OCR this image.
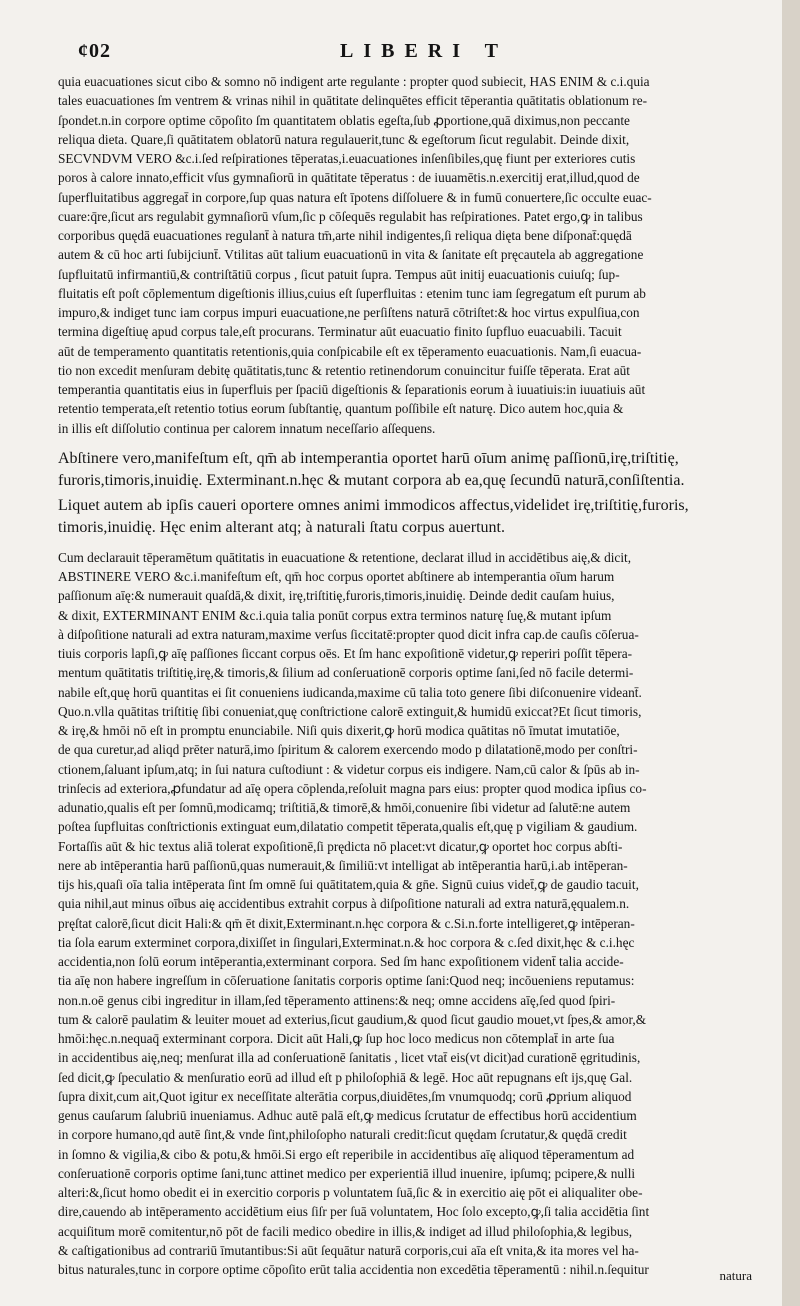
¢02	LIBERI T

quia euacuationes sicut cibo & somno nō indigent arte regulante : propter quod subiecit, HAS ENIM & c.i.quia

tales euacuationes ſm ventrem & vrinas nihil in quātitate delinquētes efficit tēperantia quātitatis oblationum re-

ſpondet.n.in corpore optime cōpoſito ſm quantitatem oblatis egeſta,ſub ꝓportione,quā diximus,non peccante

reliqua dieta. Quare,ſi quātitatem oblatorū natura regulauerit,tunc & egeſtorum ſicut regulabit. Deinde dixit,

SECVNDVM VERO &c.i.ſed reſpirationes tēperatas,i.euacuationes inſenſibiles,quę fiunt per exteriores cutis

poros à calore innato,efficit vſus gymnaſiorū in quātitate tēperatus : de iuuamētis.n.exercitij erat,illud,quod de

ſuperfluitatibus aggregat̄ in corpore,ſup quas natura eſt īpotens diſſoluere & in fumū conuertere,ſic occulte euac-

cuare:q̄re,ſicut ars regulabit gymnaſiorū vſum,ſic p cōſequēs regulabit has reſpirationes. Patet ergo,ꝙ in talibus

corporibus quędā euacuationes regulant̄ à natura tm̄,arte nihil indigentes,ſi reliqua dięta bene diſponat̄:quędā

autem & cū hoc arti ſubijciunt̄. Vtilitas aūt talium euacuationū in vita & ſanitate eſt pręcautela ab aggregatione

ſupfluitatū infirmantiū,& contriſtātiū corpus , ſicut patuit ſupra. Tempus aūt initij euacuationis cuiuſq; ſup-

fluitatis eſt poſt cōplementum digeſtionis illius,cuius eſt ſuperfluitas : etenim tunc iam ſegregatum eſt purum ab

impuro,& indiget tunc iam corpus impuri euacuatione,ne perſiſtens naturā cōtriſtet:& hoc virtus expulſiua,con

termina digeſtiuę apud corpus tale,eſt procurans. Terminatur aūt euacuatio finito ſupfluo euacuabili. Tacuit

aūt de temperamento quantitatis retentionis,quia conſpicabile eſt ex tēperamento euacuationis. Nam,ſi euacua-

tio non excedit menſuram debitę quātitatis,tunc & retentio retinendorum conuincitur fuiſſe tēperata. Erat aūt

temperantia quantitatis eius in ſuperfluis per ſpaciū digeſtionis & ſeparationis eorum à iuuatiuis:in iuuatiuis aūt

retentio temperata,eſt retentio totius eorum ſubſtantię, quantum poſſibile eſt naturę. Dico autem hoc,quia &

in illis eſt diſſolutio continua per calorem innatum neceſſario aſſequens.

Abſtinere vero,manifeſtum eſt, qm̄ ab intemperantia oportet harū oīum animę paſſionū,irę,triſtitię,

furoris,timoris,inuidię. Exterminant.n.hęc & mutant corpora ab ea,quę ſecundū naturā,conſiſtentia.

Liquet autem ab ipſis caueri oportere omnes animi immodicos affectus,videlidet irę,triſtitię,furoris,

timoris,inuidię. Hęc enim alterant atq; à naturali ſtatu corpus auertunt.

Cum declarauit tēperamētum quātitatis in euacuatione & retentione, declarat illud in accidētibus aię,& dicit,

ABSTINERE VERO &c.i.manifeſtum eſt, qm̄ hoc corpus oportet abſtinere ab intemperantia oīum harum

paſſionum aīę:& numerauit quaſdā,& dixit, irę,triſtitię,furoris,timoris,inuidię. Deinde dedit cauſam huius,

& dixit, EXTERMINANT ENIM &c.i.quia talia ponūt corpus extra terminos naturę ſuę,& mutant ipſum

à diſpoſitione naturali ad extra naturam,maxime verſus ſiccitatē:propter quod dicit infra cap.de cauſis cōſerua-

tiuis corporis lapſi,ꝙ aīę paſſiones ſiccant corpus oēs. Et ſm hanc expoſitionē videtur,ꝙ reperiri poſſit tēpera-

mentum quātitatis triſtitię,irę,& timoris,& ſilium ad conſeruationē corporis optime ſani,ſed nō facile determi-

nabile eſt,quę horū quantitas ei ſit conueniens iudicanda,maxime cū talia toto genere ſibi diſconuenire videant̄.

Quo.n.vlla quātitas triſtitię ſibi conueniat,quę conſtrictione calorē extinguit,& humidū exiccat?Et ſicut timoris,

& irę,& hmōi nō eſt in promptu enunciabile. Niſi quis dixerit,ꝙ horū modica quātitas nō īmutat imutatiōe,

de qua curetur,ad aliqd prēter naturā,imo ſpiritum & calorem exercendo modo p dilatationē,modo per conſtri-

ctionem,ſaluant ipſum,atq; in ſui natura cuſtodiunt : & videtur corpus eis indigere. Nam,cū calor & ſpūs ab in-

trinſecis ad exteriora,ꝓfundatur ad aīę opera cōplenda,reſoluit magna pars eius: propter quod modica ipſius co-

adunatio,qualis eſt per ſomnū,modicamq; triſtitiā,& timorē,& hmōi,conuenire ſibi videtur ad ſalutē:ne autem

poſtea ſupfluitas conſtrictionis extinguat eum,dilatatio competit tēperata,qualis eſt,quę p vigiliam & gaudium.

Fortaſſis aūt & hic textus aliā tolerat expoſitionē,ſi prędicta nō placet:vt dicatur,ꝙ oportet hoc corpus abſti-

nere ab intēperantia harū paſſionū,quas numerauit,& ſimiliū:vt intelligat ab intēperantia harū,i.ab intēperan-

tijs his,quaſi oīa talia intēperata ſint ſm omnē ſui quātitatem,quia & gn̄e. Signū cuius videt̄,ꝙ de gaudio tacuit,

quia nihil,aut minus oībus aię accidentibus extrahit corpus à diſpoſitione naturali ad extra naturā,ęqualem.n.

pręſtat calorē,ſicut dicit Hali:& qm̄ ēt dixit,Exterminant.n.hęc corpora & c.Si.n.forte intelligeret,ꝙ intēperan-

tia ſola earum exterminet corpora,dixiſſet in ſingulari,Exterminat.n.& hoc corpora & c.ſed dixit,hęc & c.i.hęc

accidentia,non ſolū eorum intēperantia,exterminant corpora. Sed ſm hanc expoſitionem vident̄ talia accide-

tia aīę non habere ingreſſum in cōſeruatione ſanitatis corporis optime ſani:Quod neq; incōueniens reputamus:

non.n.oē genus cibi ingreditur in illam,ſed tēperamento attinens:& neq; omne accidens aīę,ſed quod ſpiri-

tum & calorē paulatim & leuiter mouet ad exterius,ſicut gaudium,& quod ſicut gaudio mouet,vt ſpes,& amor,&

hmōi:hęc.n.nequaq̄ exterminant corpora. Dicit aūt Hali,ꝙ ſup hoc loco medicus non cōtemplat̄ in arte ſua

in accidentibus aię,neq; menſurat illa ad conſeruationē ſanitatis , licet vtat̄ eis(vt dicit)ad curationē ęgritudinis,

ſed dicit,ꝙ ſpeculatio & menſuratio eorū ad illud eſt p philoſophiā & legē. Hoc aūt repugnans eſt ijs,quę Gal.

ſupra dixit,cum ait,Quot igitur ex neceſſitate alterātia corpus,diuidētes,ſm vnumquodq; corū ꝓprium aliquod

genus cauſarum ſalubriū inueniamus. Adhuc autē palā eſt,ꝙ medicus ſcrutatur de effectibus horū accidentium

in corpore humano,qd autē ſint,& vnde ſint,philoſopho naturali credit:ſicut quędam ſcrutatur,& quędā credit

in ſomno & vigilia,& cibo & potu,& hmōi.Si ergo eſt reperibile in accidentibus aīę aliquod tēperamentum ad

conſeruationē corporis optime ſani,tunc attinet medico per experientiā illud inuenire, ipſumq; pcipere,& nulli

alteri:&,ſicut homo obedit ei in exercitio corporis p voluntatem ſuā,ſic & in exercitio aię pōt ei aliqualiter obe-

dire,cauendo ab intēperamento accidētium eius ſiſr per ſuā voluntatem, Hoc ſolo excepto,ꝙ,ſi talia accidētia ſint

acquiſitum morē comitentur,nō pōt de facili medico obedire in illis,& indiget ad illud philoſophia,& legibus,

& caſtigationibus ad contrariū īmutantibus:Si aūt ſequātur naturā corporis,cui aīa eſt vnita,& ita mores vel ha-

bitus naturales,tunc in corpore optime cōpoſito erūt talia accidentia non excedētia tēperamentū : nihil.n.ſequitur	natura
